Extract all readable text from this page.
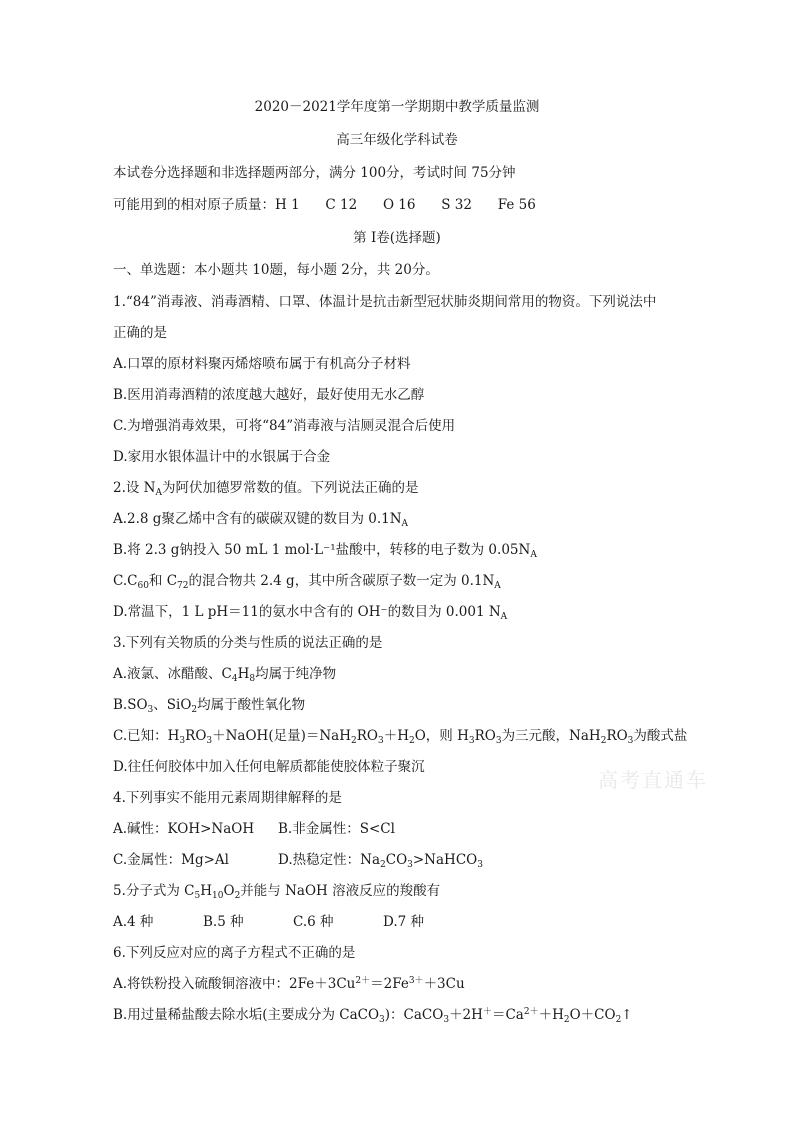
2020－2021学年度第一学期期中教学质量监测
高三年级化学科试卷
本试卷分选择题和非选择题两部分，满分 100分，考试时间 75分钟
可能用到的相对原子质量：H 1      C 12      O 16      S 32      Fe 56
第 I卷(选择题)
一、单选题：本小题共 10题，每小题 2分，共 20分。
1.“84”消毒液、消毒酒精、口罩、体温计是抗击新型冠状肺炎期间常用的物资。下列说法中
正确的是
A.口罩的原材料聚丙烯熔喷布属于有机高分子材料
B.医用消毒酒精的浓度越大越好，最好使用无水乙醇
C.为增强消毒效果，可将“84”消毒液与洁厕灵混合后使用
D.家用水银体温计中的水银属于合金
2.设 $N_A$为阿伏加德罗常数的值。下列说法正确的是
A.2.8 g聚乙烯中含有的碳碳双键的数目为 $0.1N_A$
B.将 2.3 g钠投入 50 mL 1 mol·L⁻¹盐酸中，转移的电子数为 $0.05N_A$
$C.C_{60}$和 $C_{72}$的混合物共 2.4 g，其中所含碳原子数一定为 $0.1N_A$
D.常温下，1 L pH＝11的氨水中含有的 OH⁻的数目为 0.001 $N_A$
3.下列有关物质的分类与性质的说法正确的是
A.液氯、冰醋酸、$C_4H_8$均属于纯净物
$B.SO_3$、SiO$_2$均属于酸性氧化物
C.已知：$H_3RO_3+NaOH$(足量)$=NaH_2RO_3+H_2O$，则 $H_3RO_3$为三元酸，$NaH_2RO_3$为酸式盐
D.往任何胶体中加入任何电解质都能使胶体粒子聚沉
4.下列事实不能用元素周期律解释的是
A.碱性：KOH>NaOH B.非金属性：S<Cl
C.金属性：Mg>Al	D.热稳定性：$Na_2CO_3>NaHCO_3$
5.分子式为 $C_5H_{10}O_2$并能与 NaOH 溶液反应的羧酸有
A.4 种	B.5 种	C.6 种	D.7 种
6.下列反应对应的离子方程式不正确的是
A.将铁粉投入硫酸铜溶液中：$2Fe+3Cu^{2+}=2Fe^{3+}+3Cu$
B.用过量稀盐酸去除水垢(主要成分为 CaCO$_3$)：$CaCO_3+2H^+=Ca^{2+}+H_2O+CO_2↑$
高考直通车
